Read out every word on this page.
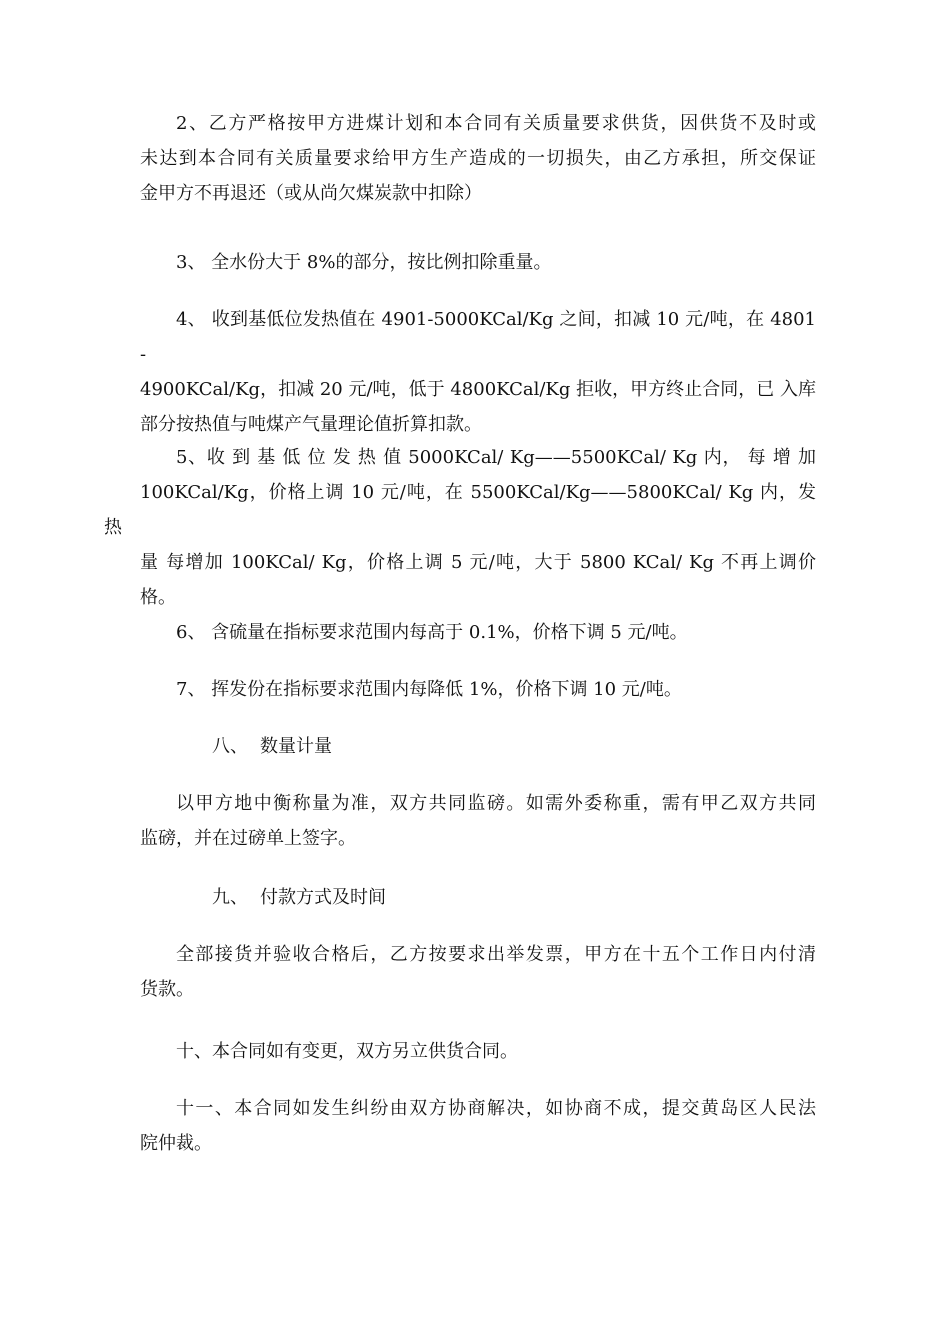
2、乙方严格按甲方进煤计划和本合同有关质量要求供货，因供货不及时或
未达到本合同有关质量要求给甲方生产造成的一切损失，由乙方承担，所交保证
金甲方不再退还（或从尚欠煤炭款中扣除）
3、 全水份大于 8%的部分，按比例扣除重量。
4、 收到基低位发热值在 4901-5000KCal/Kg 之间，扣减 10 元/吨，在 4801-
4900KCal/Kg，扣减 20 元/吨，低于 4800KCal/Kg 拒收，甲方终止合同，已 入库
部分按热值与吨煤产气量理论值折算扣款。
5、收 到 基 低 位 发 热 值 5000KCal/ Kg——5500KCal/ Kg 内， 每 增 加
100KCal/Kg，价格上调 10 元/吨，在 5500KCal/Kg——5800KCal/ Kg 内，发热
量 每增加 100KCal/ Kg，价格上调 5 元/吨，大于 5800 KCal/ Kg 不再上调价
格。
6、 含硫量在指标要求范围内每高于 0.1%，价格下调 5 元/吨。
7、 挥发份在指标要求范围内每降低 1%，价格下调 10 元/吨。
八、 数量计量
以甲方地中衡称量为准，双方共同监磅。如需外委称重，需有甲乙双方共同
监磅，并在过磅单上签字。
九、 付款方式及时间
全部接货并验收合格后，乙方按要求出举发票，甲方在十五个工作日内付清
货款。
十、本合同如有变更，双方另立供货合同。
十一、本合同如发生纠纷由双方协商解决，如协商不成，提交黄岛区人民法
院仲裁。
